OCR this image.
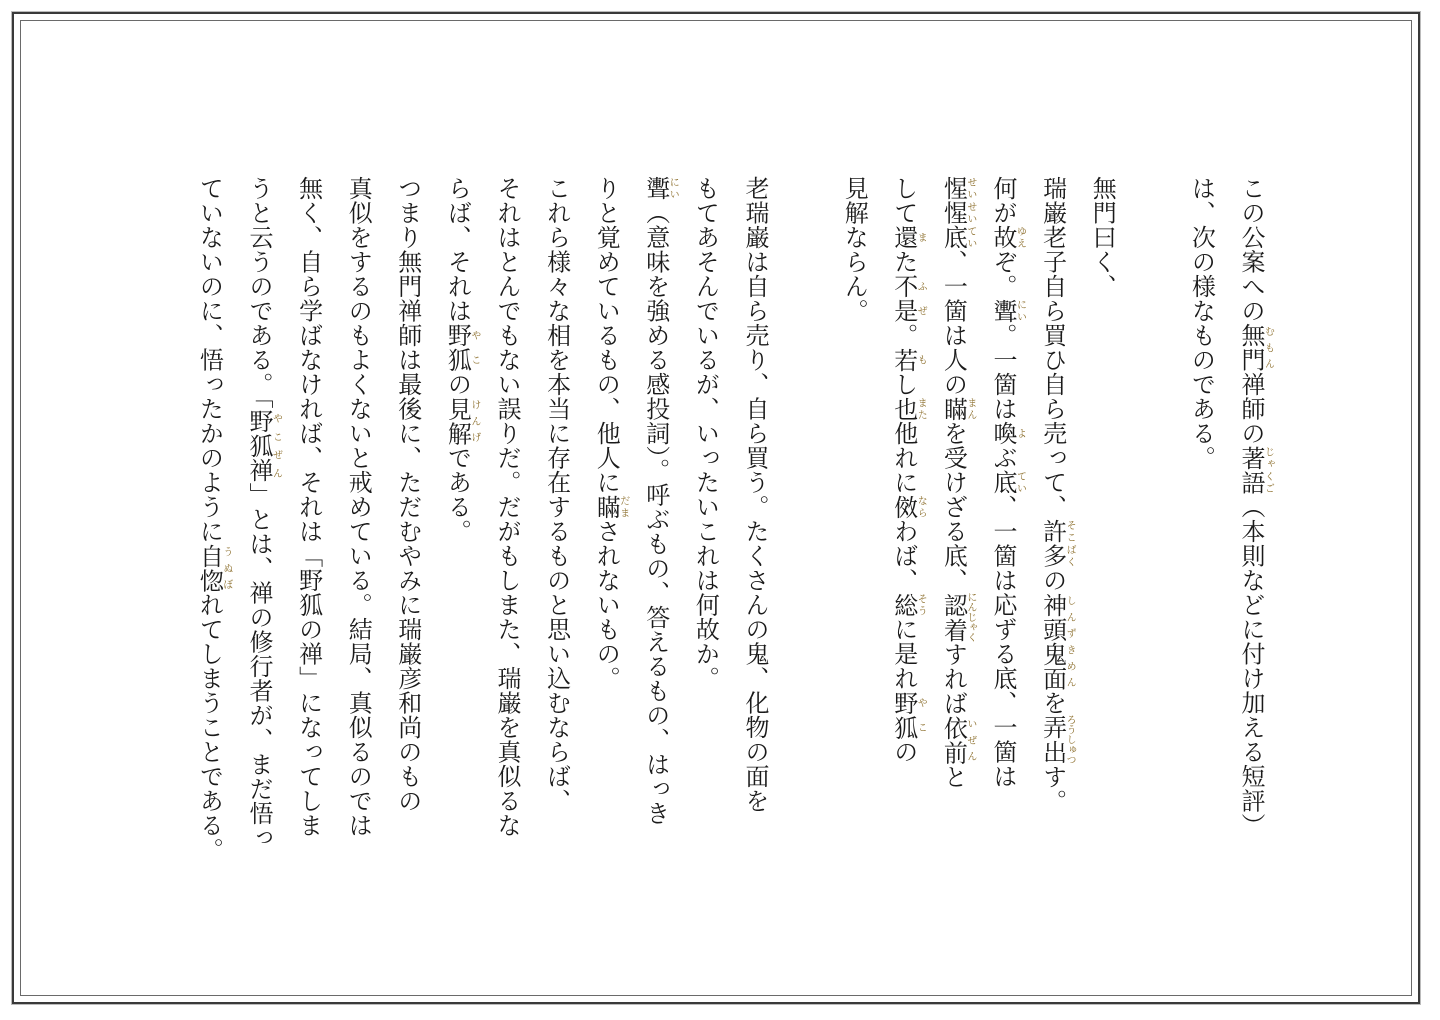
この公案への無門むもん禅師の著語じゃくご（本則などに付け加える短評）

は、次の様なものである。

無門曰く、

瑞巌老子自ら買ひ自ら売って、許多そこばくの神頭鬼面しんずきめんを弄出ろうしゅつす。

何が故ゆえぞ。聻にい。一箇は喚よぶ底てい、一箇は応ずる底、一箇は

惺惺底せいせいてい、一箇は人の瞞まんを受けざる底、認着にんじゃくすれば依前いぜんと

して還また不是ふぜ。若もし也また他れに傚ならわば、総そうに是れ野狐やこの

見解ならん。

老瑞巌は自ら売り、自ら買う。たくさんの鬼、化物の面を

もてあそんでいるが、いったいこれは何故か。

聻にい（意味を強める感投詞）。呼ぶもの、答えるもの、はっき

りと覚めているもの、他人に瞞だまされないもの。

これら様々な相を本当に存在するものと思い込むならば、

それはとんでもない誤りだ。だがもしまた、瑞巌を真似るな

らば、それは野狐やこの見解けんげである。

つまり無門禅師は最後に、ただむやみに瑞巌彦和尚のもの

真似をするのもよくないと戒めている。結局、真似るのでは

無く、自ら学ばなければ、それは「野狐の禅」になってしま

うと云うのである。「野狐禅やこぜん」とは、禅の修行者が、まだ悟っ

ていないのに、悟ったかのように自惚うぬぼれてしまうことである。
